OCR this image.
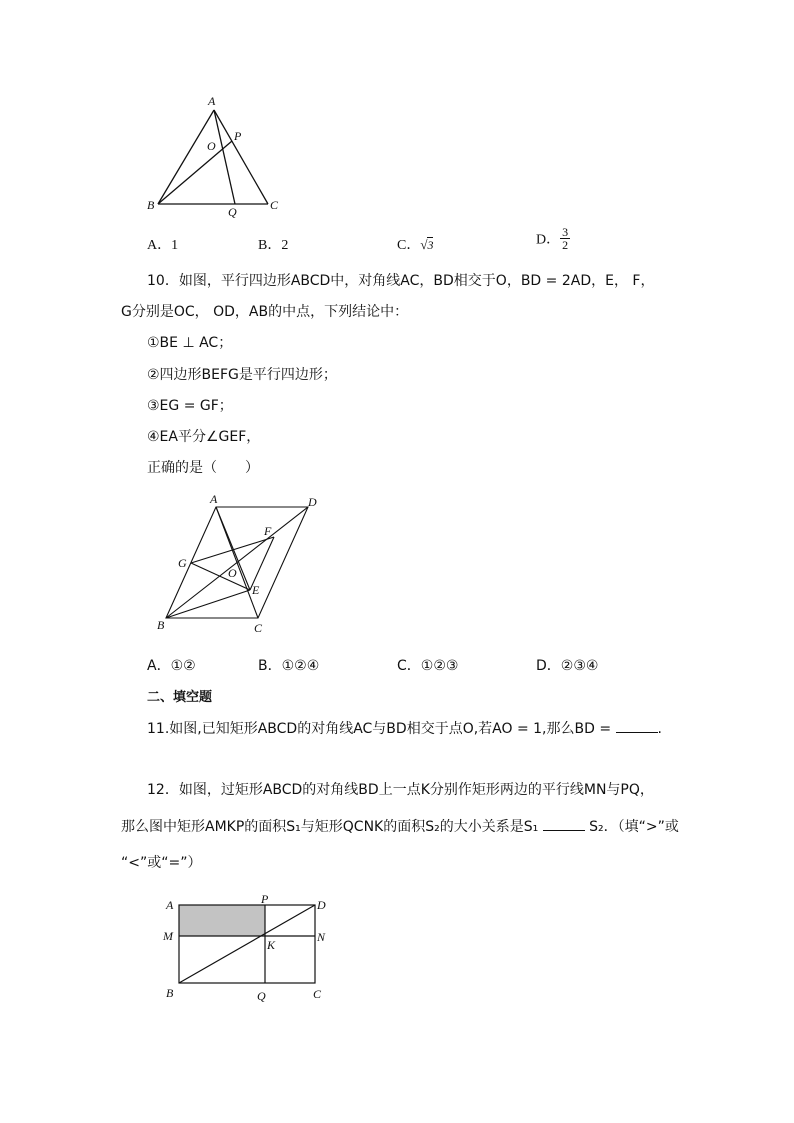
A
O
P
B	Q	C
A．1	B．2	C．√3	D． $\frac{3}{2}$
10．如图，平行四边形ABCD中，对角线AC，BD相交于O，BD = 2AD，E， F，
G分别是OC， OD，AB的中点，下列结论中：
①BE ⊥ AC；
②四边形BEFG是平行四边形；
③EG = GF；
④EA平分∠GEF，
正确的是（　　）
A	D
F
G
O
E
B	C
A．①②	B．①②④	C．①②③	D．②③④
二、填空题
11.如图,已知矩形ABCD的对角线AC与BD相交于点O,若AO = 1,那么BD =	.
12．如图，过矩形ABCD的对角线BD上一点K分别作矩形两边的平行线MN与PQ，
那么图中矩形AMKP的面积S₁与矩形QCNK的面积S₂的大小关系是S₁	S₂．（填“>”或
“<”或“=”）
A	P	D
M
K
N
B	Q	C
